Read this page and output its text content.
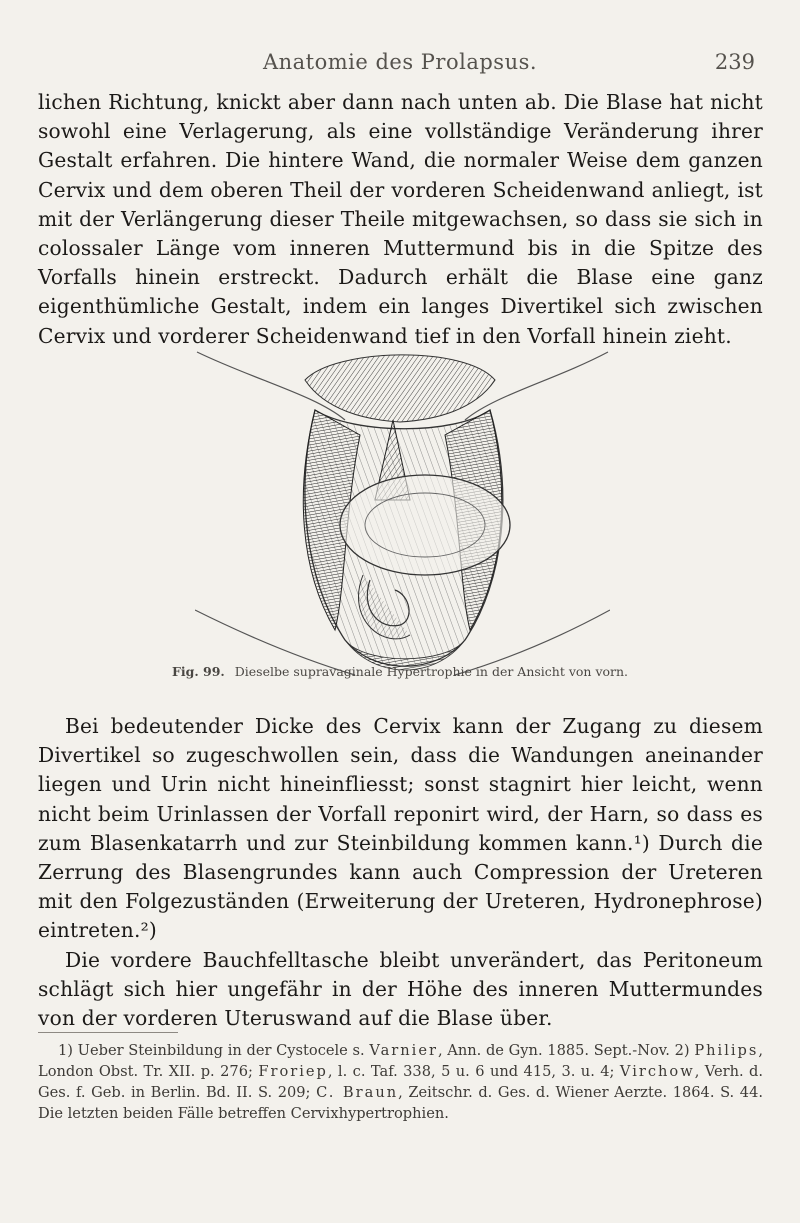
Anatomie des Prolapsus.	239

lichen Richtung, knickt aber dann nach unten ab. Die Blase hat nicht sowohl eine Verlagerung, als eine vollständige Veränderung ihrer Gestalt erfahren. Die hintere Wand, die normaler Weise dem ganzen Cervix und dem oberen Theil der vorderen Scheidenwand anliegt, ist mit der Verlängerung dieser Theile mitgewachsen, so dass sie sich in colossaler Länge vom inneren Muttermund bis in die Spitze des Vorfalls hinein erstreckt. Dadurch erhält die Blase eine ganz eigenthümliche Gestalt, indem ein langes Divertikel sich zwischen Cervix und vorderer Scheidenwand tief in den Vorfall hinein zieht.

Fig. 99. Dieselbe supravaginale Hypertrophie in der Ansicht von vorn.

Bei bedeutender Dicke des Cervix kann der Zugang zu diesem Divertikel so zugeschwollen sein, dass die Wandungen aneinander liegen und Urin nicht hineinfliesst; sonst stagnirt hier leicht, wenn nicht beim Urinlassen der Vorfall reponirt wird, der Harn, so dass es zum Blasenkatarrh und zur Steinbildung kommen kann.¹) Durch die Zerrung des Blasengrundes kann auch Compression der Ureteren mit den Folgezuständen (Erweiterung der Ureteren, Hydronephrose) eintreten.²)

Die vordere Bauchfelltasche bleibt unverändert, das Peritoneum schlägt sich hier ungefähr in der Höhe des inneren Muttermundes von der vorderen Uteruswand auf die Blase über.

1) Ueber Steinbildung in der Cystocele s. Varnier, Ann. de Gyn. 1885. Sept.-Nov. 2) Philips, London Obst. Tr. XII. p. 276; Froriep, l. c. Taf. 338, 5 u. 6 und 415, 3. u. 4; Virchow, Verh. d. Ges. f. Geb. in Berlin. Bd. II. S. 209; C. Braun, Zeitschr. d. Ges. d. Wiener Aerzte. 1864. S. 44. Die letzten beiden Fälle betreffen Cervixhypertrophien.
